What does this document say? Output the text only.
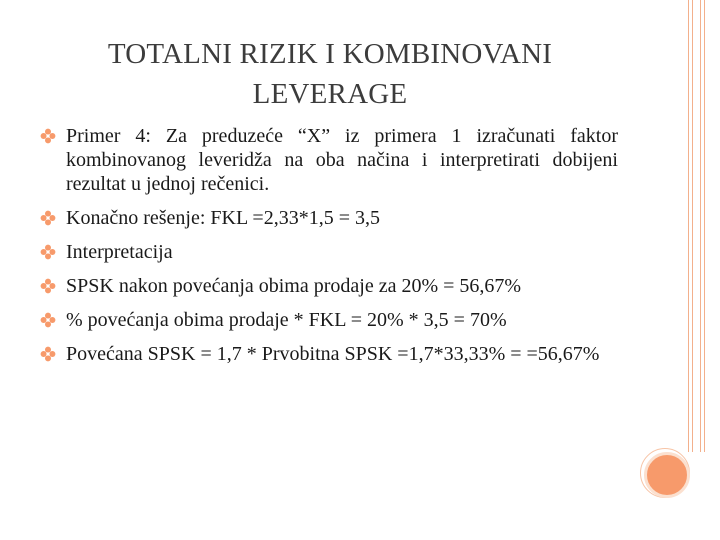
TOTALNI RIZIK I KOMBINOVANI LEVERAGE
Primer 4: Za preduzeće “X” iz primera 1 izračunati faktor kombinovanog leveridža na oba načina i interpretirati dobijeni rezultat u jednoj rečenici.
Konačno rešenje: FKL =2,33*1,5 = 3,5
Interpretacija
SPSK nakon povećanja obima prodaje za 20% = 56,67%
% povećanja obima prodaje * FKL = 20% * 3,5 = 70%
Povećana SPSK = 1,7 * Prvobitna SPSK =1,7*33,33% = =56,67%
